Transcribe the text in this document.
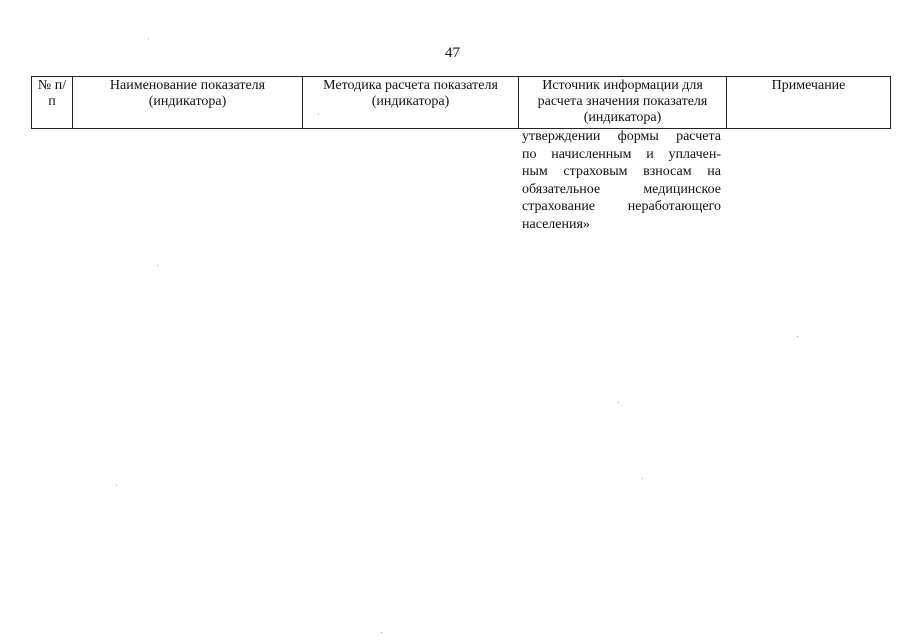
47
№ п/п	Наименование показателя (индикатора)	Методика расчета показателя (индикатора)	Источник информации для расчета значения показателя (индикатора)	Примечание
утверждении формы расчета
по начисленным и уплачен-
ным страховым взносам на
обязательное медицинское
страхование неработающего
населения»
